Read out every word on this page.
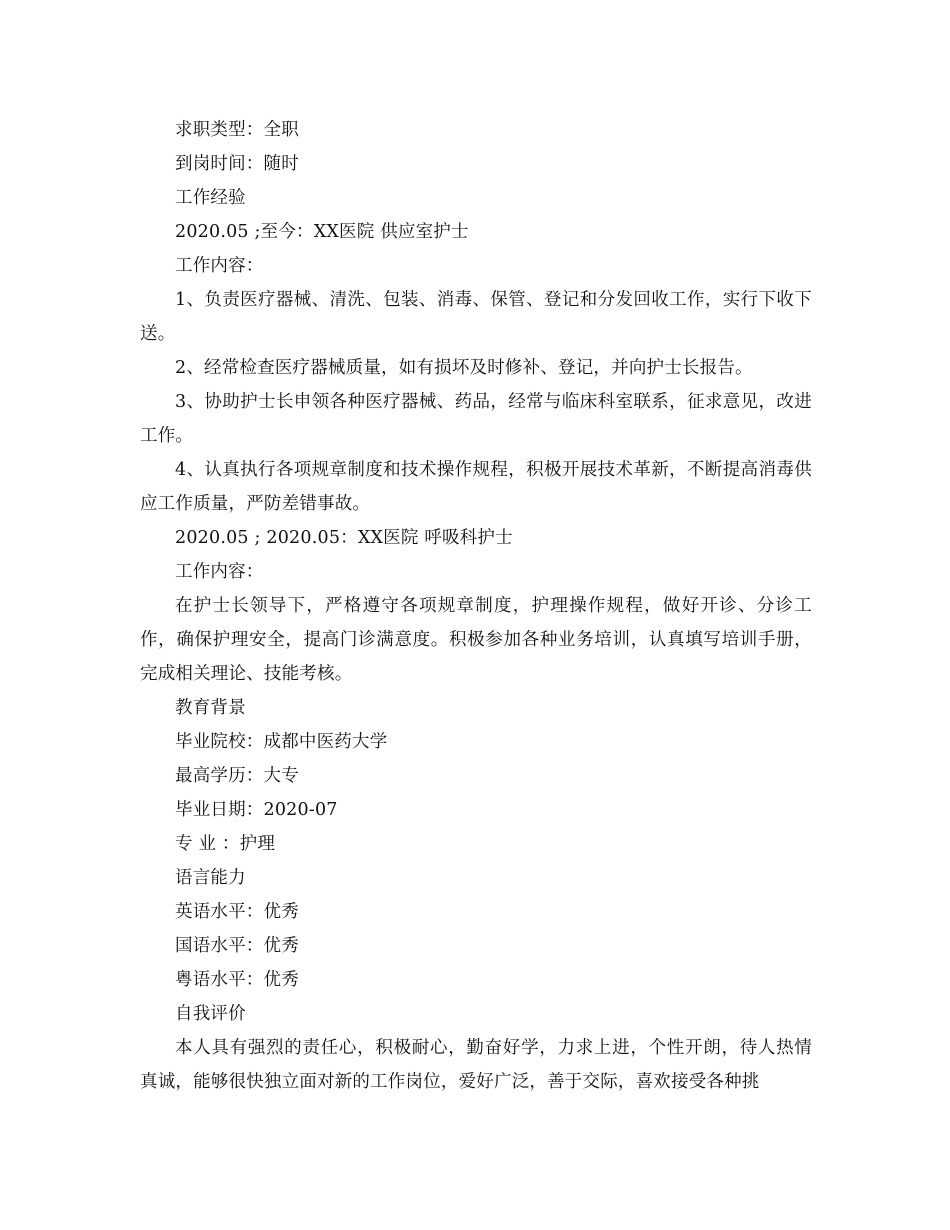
求职类型：全职

到岗时间：随时

工作经验

2020.05 ;至今：XX医院 供应室护士

工作内容：

1、负责医疗器械、清洗、包装、消毒、保管、登记和分发回收工作，实行下收下送。

2、经常检查医疗器械质量，如有损坏及时修补、登记，并向护士长报告。

3、协助护士长申领各种医疗器械、药品，经常与临床科室联系，征求意见，改进工作。

4、认真执行各项规章制度和技术操作规程，积极开展技术革新，不断提高消毒供应工作质量，严防差错事故。

2020.05 ; 2020.05：XX医院 呼吸科护士

工作内容：

在护士长领导下，严格遵守各项规章制度，护理操作规程，做好开诊、分诊工作，确保护理安全，提高门诊满意度。积极参加各种业务培训，认真填写培训手册，完成相关理论、技能考核。

教育背景

毕业院校：成都中医药大学

最高学历：大专

毕业日期：2020-07

专 业 ：护理

语言能力

英语水平：优秀

国语水平：优秀

粤语水平：优秀

自我评价

本人具有强烈的责任心，积极耐心，勤奋好学，力求上进，个性开朗，待人热情真诚，能够很快独立面对新的工作岗位，爱好广泛，善于交际，喜欢接受各种挑
